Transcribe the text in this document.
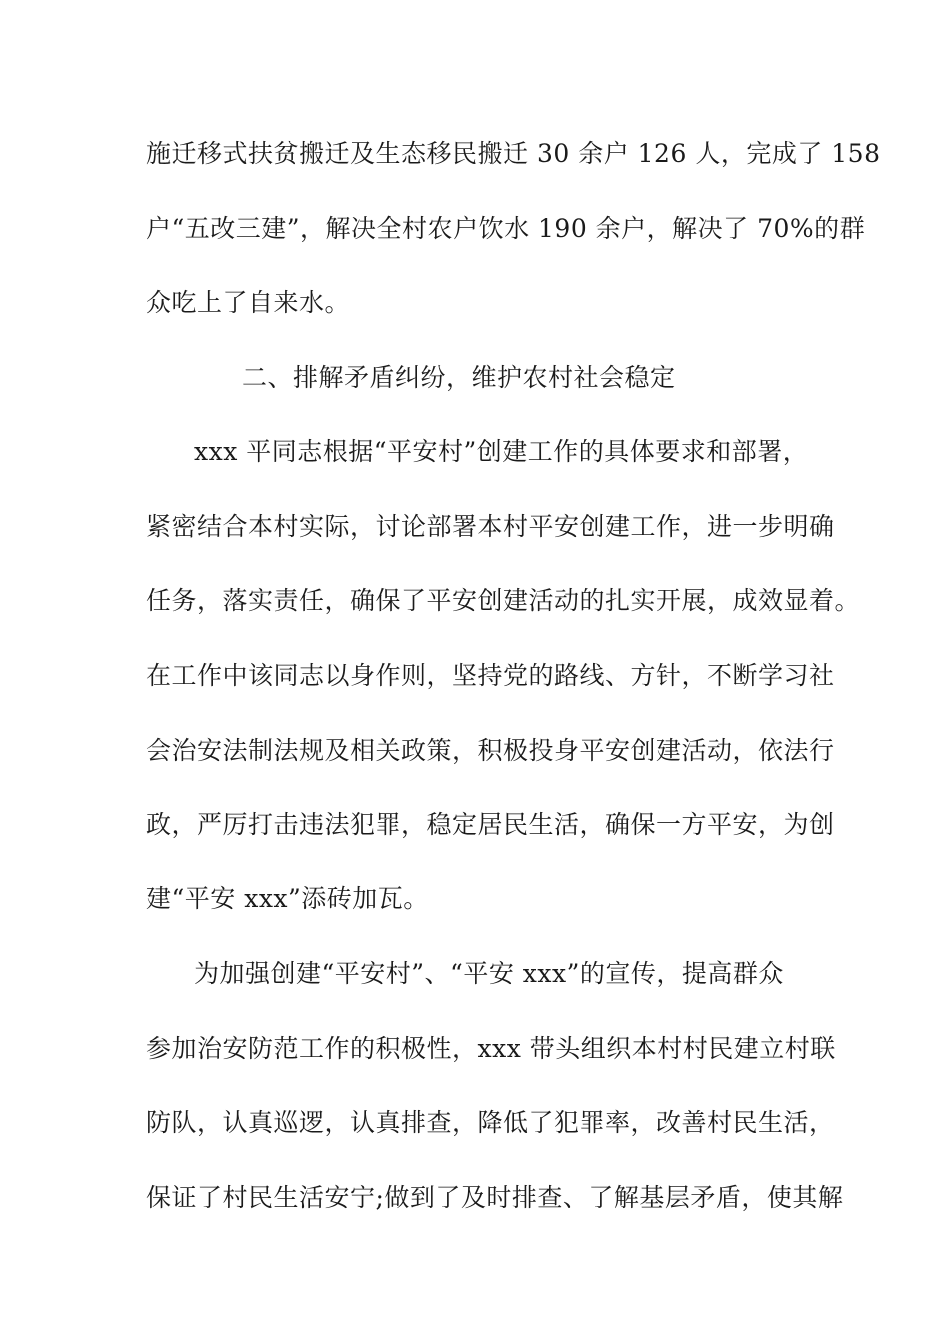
施迁移式扶贫搬迁及生态移民搬迁 30 余户 126 人，完成了 158
户“五改三建”，解决全村农户饮水 190 余户，解决了 70%的群
众吃上了自来水。
二、排解矛盾纠纷，维护农村社会稳定
xxx 平同志根据“平安村”创建工作的具体要求和部署，
紧密结合本村实际，讨论部署本村平安创建工作，进一步明确
任务，落实责任，确保了平安创建活动的扎实开展，成效显着。
在工作中该同志以身作则，坚持党的路线、方针，不断学习社
会治安法制法规及相关政策，积极投身平安创建活动，依法行
政，严厉打击违法犯罪，稳定居民生活，确保一方平安，为创
建“平安 xxx”添砖加瓦。
为加强创建“平安村”、“平安 xxx”的宣传，提高群众
参加治安防范工作的积极性，xxx 带头组织本村村民建立村联
防队，认真巡逻，认真排查，降低了犯罪率，改善村民生活，
保证了村民生活安宁;做到了及时排查、了解基层矛盾，使其解
